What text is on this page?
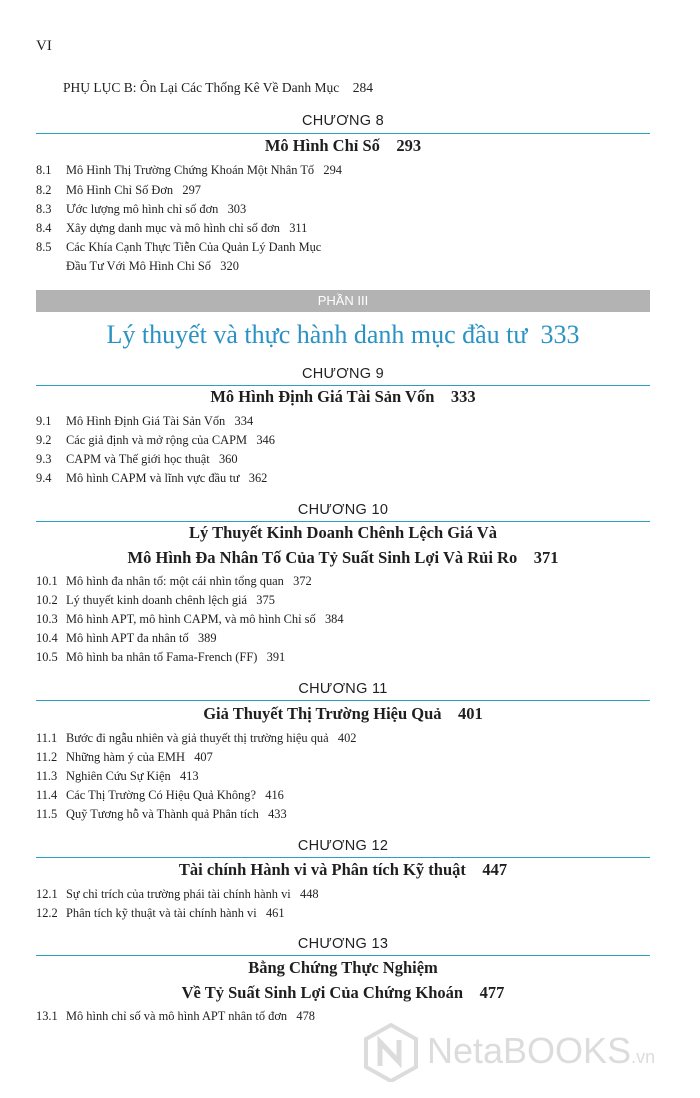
VI
PHỤ LỤC B: Ôn Lại Các Thống Kê Về Danh Mục 284
CHƯƠNG 8
Mô Hình Chỉ Số 293
8.1 Mô Hình Thị Trường Chứng Khoán Một Nhân Tố 294
8.2 Mô Hình Chỉ Số Đơn 297
8.3 Ước lượng mô hình chỉ số đơn 303
8.4 Xây dựng danh mục và mô hình chỉ số đơn 311
8.5 Các Khía Cạnh Thực Tiễn Của Quản Lý Danh Mục
Đầu Tư Với Mô Hình Chỉ Số 320
PHẦN III
Lý thuyết và thực hành danh mục đầu tư 333
CHƯƠNG 9
Mô Hình Định Giá Tài Sản Vốn 333
9.1 Mô Hình Định Giá Tài Sản Vốn 334
9.2 Các giả định và mở rộng của CAPM 346
9.3 CAPM và Thế giới học thuật 360
9.4 Mô hình CAPM và lĩnh vực đầu tư 362
CHƯƠNG 10
Lý Thuyết Kinh Doanh Chênh Lệch Giá Và
Mô Hình Đa Nhân Tố Của Tỷ Suất Sinh Lợi Và Rủi Ro 371
10.1 Mô hình đa nhân tố: một cái nhìn tổng quan 372
10.2 Lý thuyết kinh doanh chênh lệch giá 375
10.3 Mô hình APT, mô hình CAPM, và mô hình Chỉ số 384
10.4 Mô hình APT đa nhân tố 389
10.5 Mô hình ba nhân tố Fama-French (FF) 391
CHƯƠNG 11
Giả Thuyết Thị Trường Hiệu Quả 401
11.1 Bước đi ngẫu nhiên và giả thuyết thị trường hiệu quả 402
11.2 Những hàm ý của EMH 407
11.3 Nghiên Cứu Sự Kiện 413
11.4 Các Thị Trường Có Hiệu Quả Không? 416
11.5 Quỹ Tương hỗ và Thành quả Phân tích 433
CHƯƠNG 12
Tài chính Hành vi và Phân tích Kỹ thuật 447
12.1 Sự chỉ trích của trường phái tài chính hành vi 448
12.2 Phân tích kỹ thuật và tài chính hành vi 461
CHƯƠNG 13
Bằng Chứng Thực Nghiệm
Về Tỷ Suất Sinh Lợi Của Chứng Khoán 477
13.1 Mô hình chỉ số và mô hình APT nhân tố đơn 478
NetaBOOKS.vn
